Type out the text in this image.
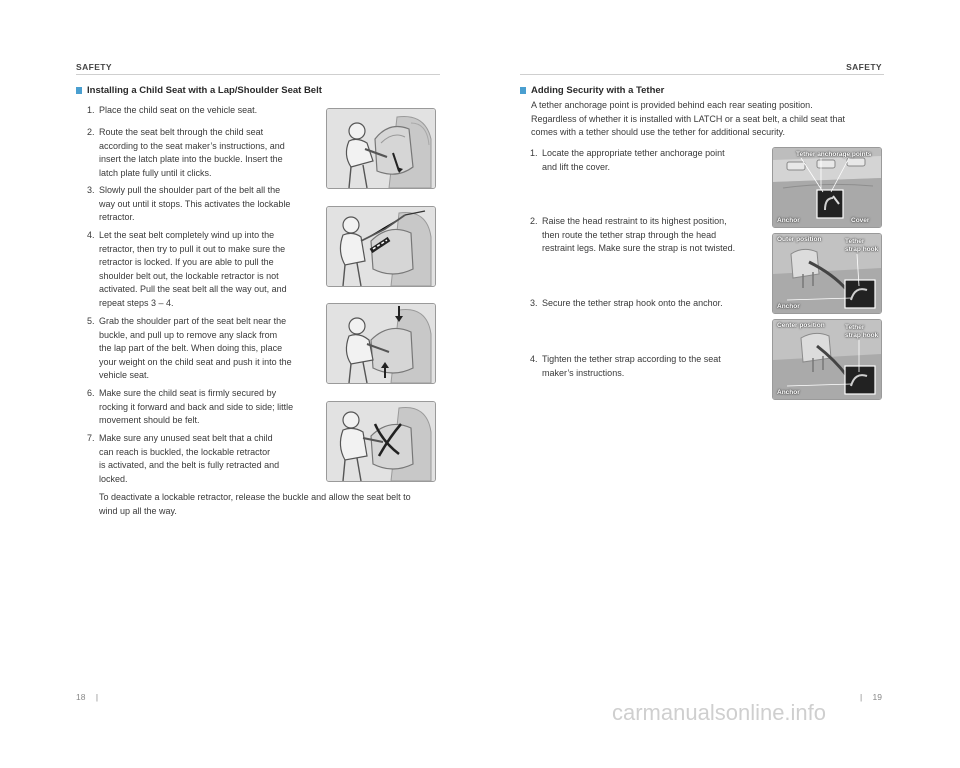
SAFETY	SAFETY
Installing a Child Seat with a Lap/Shoulder Seat Belt
1. Place the child seat on the vehicle seat.
2. Route the seat belt through the child seat
according to the seat maker’s instructions, and
insert the latch plate into the buckle. Insert the
latch plate fully until it clicks.
3. Slowly pull the shoulder part of the belt all the
way out until it stops. This activates the lockable
retractor.
4. Let the seat belt completely wind up into the
retractor, then try to pull it out to make sure the
retractor is locked. If you are able to pull the
shoulder belt out, the lockable retractor is not
activated. Pull the seat belt all the way out, and
repeat steps 3 – 4.
5. Grab the shoulder part of the seat belt near the
buckle, and pull up to remove any slack from
the lap part of the belt. When doing this, place
your weight on the child seat and push it into the
vehicle seat.
6. Make sure the child seat is firmly secured by
rocking it forward and back and side to side; little
movement should be felt.
7. Make sure any unused seat belt that a child
can reach is buckled, the lockable retractor
is activated, and the belt is fully retracted and
locked.
To deactivate a lockable retractor, release the buckle and allow the seat belt to
wind up all the way.
Adding Security with a Tether
A tether anchorage point is provided behind each rear seating position.
Regardless of whether it is installed with LATCH or a seat belt, a child seat that
comes with a tether should use the tether for additional security.
1. Locate the appropriate tether anchorage point
and lift the cover.
2. Raise the head restraint to its highest position,
then route the tether strap through the head
restraint legs. Make sure the strap is not twisted.
3. Secure the tether strap hook onto the anchor.
4. Tighten the tether strap according to the seat
maker’s instructions.
Tether anchorage points
Anchor	Cover
Outer position	Tether
strap hook
Anchor
Center position	Tether
strap hook
Anchor
18 |	| 19
carmanualsonline.info
